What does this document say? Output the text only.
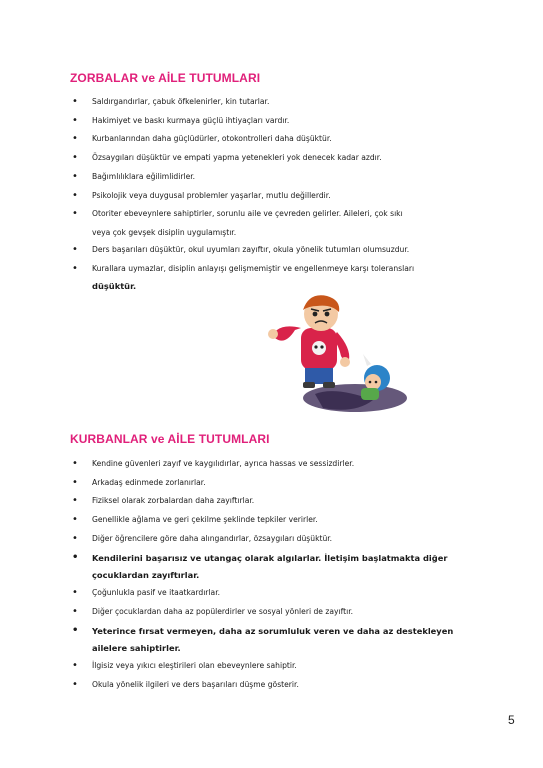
ZORBALAR ve AİLE TUTUMLARI
• Saldırgandırlar, çabuk öfkelenirler, kin tutarlar.
• Hakimiyet ve baskı kurmaya güçlü ihtiyaçları vardır.
• Kurbanlarından daha güçlüdürler, otokontrolleri daha düşüktür.
• Özsaygıları düşüktür ve empati yapma yetenekleri yok denecek kadar azdır.
• Bağımlılıklara eğilimlidirler.
• Psikolojik veya duygusal problemler yaşarlar, mutlu değillerdir.
• Otoriter ebeveynlere sahiptirler, sorunlu aile ve çevreden gelirler. Aileleri, çok sıkı
veya çok gevşek disiplin uygulamıştır.
• Ders başarıları düşüktür, okul uyumları zayıftır, okula yönelik tutumları olumsuzdur.
• Kurallara uymazlar, disiplin anlayışı gelişmemiştir ve engellenmeye karşı toleransları
düşüktür.
KURBANLAR ve AİLE TUTUMLARI
• Kendine güvenleri zayıf ve kaygılıdırlar, ayrıca hassas ve sessizdirler.
• Arkadaş edinmede zorlanırlar.
• Fiziksel olarak zorbalardan daha zayıftırlar.
• Genellikle ağlama ve geri çekilme şeklinde tepkiler verirler.
• Diğer öğrencilere göre daha alıngandırlar, özsaygıları düşüktür.
• Kendilerini başarısız ve utangaç olarak algılarlar. İletişim başlatmakta diğer
çocuklardan zayıftırlar.
• Çoğunlukla pasif ve itaatkardırlar.
• Diğer çocuklardan daha az popülerdirler ve sosyal yönleri de zayıftır.
• Yeterince fırsat vermeyen, daha az sorumluluk veren ve daha az destekleyen
ailelere sahiptirler.
• İlgisiz veya yıkıcı eleştirileri olan ebeveynlere sahiptir.
• Okula yönelik ilgileri ve ders başarıları düşme gösterir.
5
